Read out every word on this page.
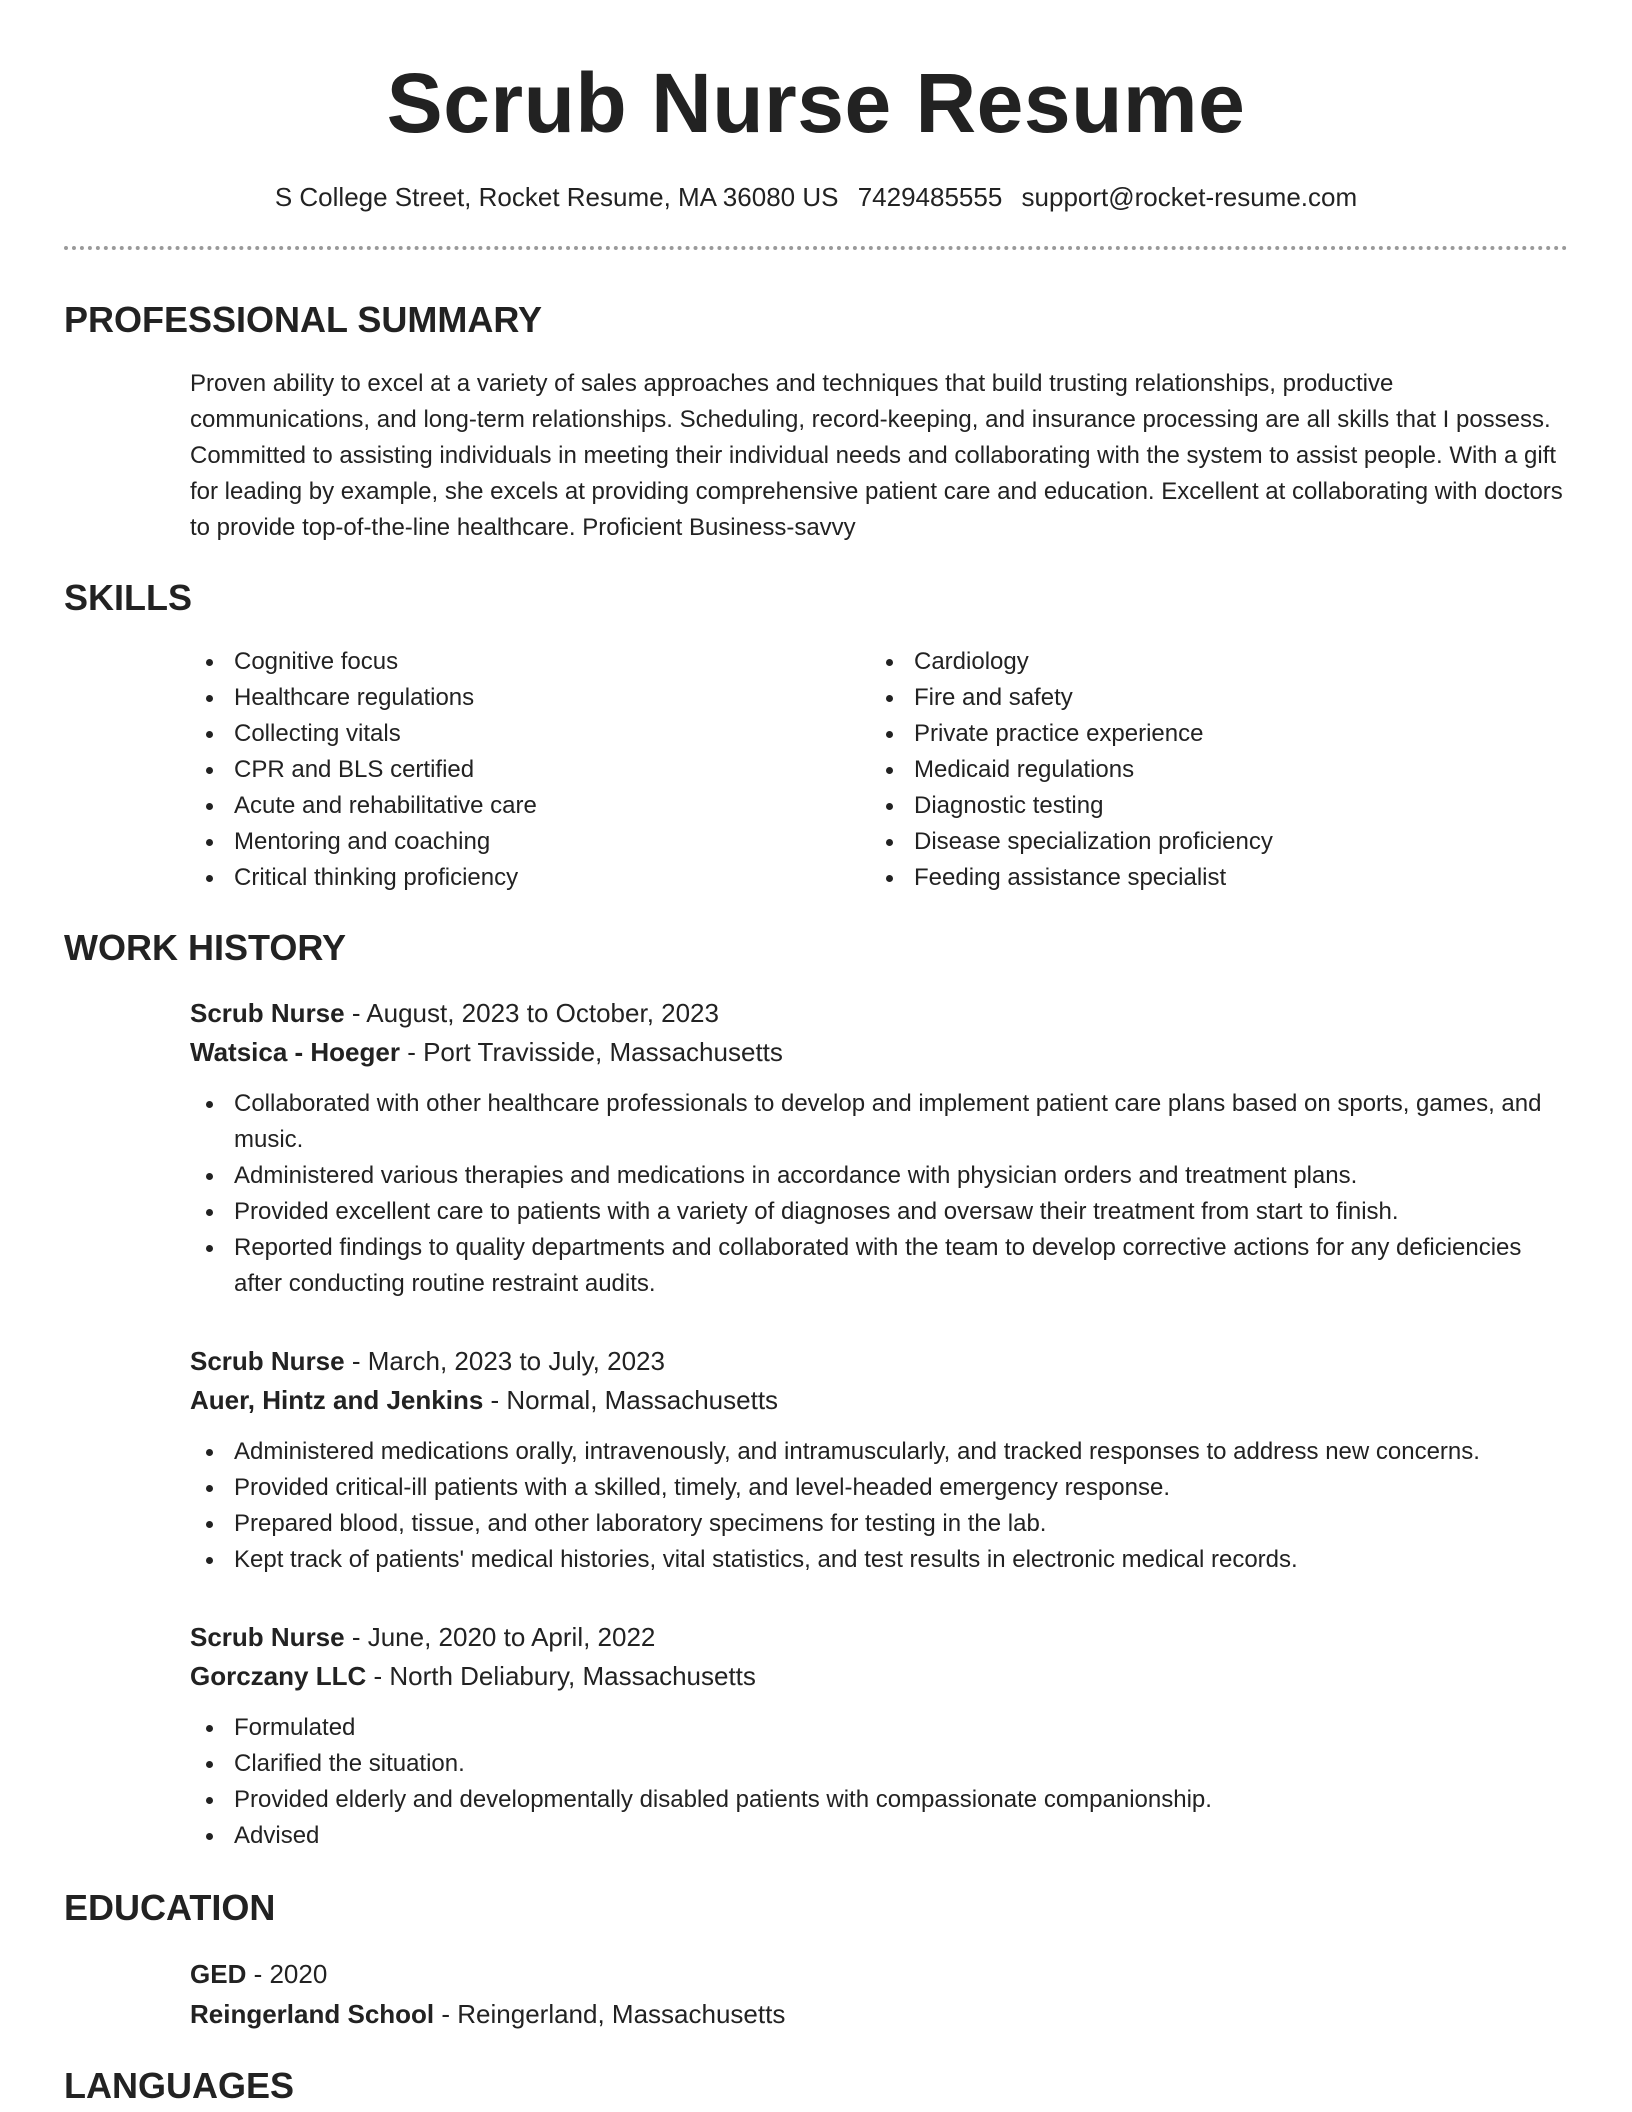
Scrub Nurse Resume
S College Street, Rocket Resume, MA 36080 US 7429485555 support@rocket-resume.com
PROFESSIONAL SUMMARY

Proven ability to excel at a variety of sales approaches and techniques that build trusting relationships, productive communications, and long-term relationships. Scheduling, record-keeping, and insurance processing are all skills that I possess. Committed to assisting individuals in meeting their individual needs and collaborating with the system to assist people. With a gift for leading by example, she excels at providing comprehensive patient care and education. Excellent at collaborating with doctors to provide top-of-the-line healthcare. Proficient Business-savvy

SKILLS
Cognitive focus
Healthcare regulations
Collecting vitals
CPR and BLS certified
Acute and rehabilitative care
Mentoring and coaching
Critical thinking proficiency
Cardiology
Fire and safety
Private practice experience
Medicaid regulations
Diagnostic testing
Disease specialization proficiency
Feeding assistance specialist
WORK HISTORY
Scrub Nurse - August, 2023 to October, 2023
Watsica - Hoeger - Port Travisside, Massachusetts
Collaborated with other healthcare professionals to develop and implement patient care plans based on sports, games, and music.
Administered various therapies and medications in accordance with physician orders and treatment plans.
Provided excellent care to patients with a variety of diagnoses and oversaw their treatment from start to finish.
Reported findings to quality departments and collaborated with the team to develop corrective actions for any deficiencies after conducting routine restraint audits.
Scrub Nurse - March, 2023 to July, 2023
Auer, Hintz and Jenkins - Normal, Massachusetts
Administered medications orally, intravenously, and intramuscularly, and tracked responses to address new concerns.
Provided critical-ill patients with a skilled, timely, and level-headed emergency response.
Prepared blood, tissue, and other laboratory specimens for testing in the lab.
Kept track of patients' medical histories, vital statistics, and test results in electronic medical records.
Scrub Nurse - June, 2020 to April, 2022
Gorczany LLC - North Deliabury, Massachusetts
Formulated
Clarified the situation.
Provided elderly and developmentally disabled patients with compassionate companionship.
Advised
EDUCATION
GED - 2020
Reingerland School - Reingerland, Massachusetts
LANGUAGES
